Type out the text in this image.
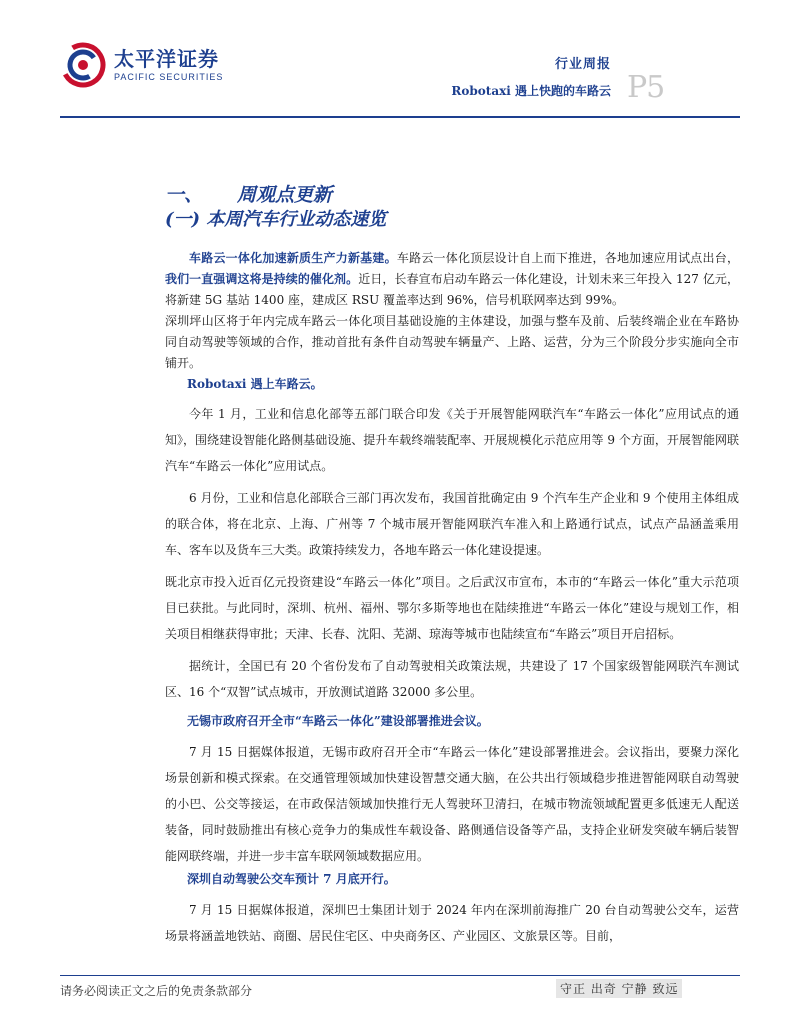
太平洋证券
PACIFIC SECURITIES
行业周报
Robotaxi 遇上快跑的车路云 P5
一、 周观点更新
(一) 本周汽车行业动态速览

车路云一体化加速新质生产力新基建。车路云一体化顶层设计自上而下推进，各地加速应用试点出台，我们一直强调这将是持续的催化剂。近日，长春宣布启动车路云一体化建设，计划未来三年投入 127 亿元，将新建 5G 基站 1400 座，建成区 RSU 覆盖率达到 96%，信号机联网率达到 99%。

深圳坪山区将于年内完成车路云一体化项目基础设施的主体建设，加强与整车及前、后装终端企业在车路协同自动驾驶等领域的合作，推动首批有条件自动驾驶车辆量产、上路、运营，分为三个阶段分步实施向全市铺开。

Robotaxi 遇上车路云。

今年 1 月，工业和信息化部等五部门联合印发《关于开展智能网联汽车“车路云一体化”应用试点的通知》，围绕建设智能化路侧基础设施、提升车载终端装配率、开展规模化示范应用等 9 个方面，开展智能网联汽车“车路云一体化”应用试点。

6 月份，工业和信息化部联合三部门再次发布，我国首批确定由 9 个汽车生产企业和 9 个使用主体组成的联合体，将在北京、上海、广州等 7 个城市展开智能网联汽车准入和上路通行试点，试点产品涵盖乘用车、客车以及货车三大类。政策持续发力，各地车路云一体化建设提速。

既北京市投入近百亿元投资建设“车路云一体化”项目。之后武汉市宣布，本市的“车路云一体化”重大示范项目已获批。与此同时，深圳、杭州、福州、鄂尔多斯等地也在陆续推进“车路云一体化”建设与规划工作，相关项目相继获得审批；天津、长春、沈阳、芜湖、琼海等城市也陆续宣布“车路云”项目开启招标。

据统计，全国已有 20 个省份发布了自动驾驶相关政策法规，共建设了 17 个国家级智能网联汽车测试区、16 个“双智”试点城市，开放测试道路 32000 多公里。

无锡市政府召开全市“车路云一体化”建设部署推进会议。

7 月 15 日据媒体报道，无锡市政府召开全市“车路云一体化”建设部署推进会。会议指出，要聚力深化场景创新和模式探索。在交通管理领域加快建设智慧交通大脑，在公共出行领域稳步推进智能网联自动驾驶的小巴、公交等接运，在市政保洁领域加快推行无人驾驶环卫清扫，在城市物流领域配置更多低速无人配送装备，同时鼓励推出有核心竞争力的集成性车载设备、路侧通信设备等产品，支持企业研发突破车辆后装智能网联终端，并进一步丰富车联网领域数据应用。

深圳自动驾驶公交车预计 7 月底开行。

7 月 15 日据媒体报道，深圳巴士集团计划于 2024 年内在深圳前海推广 20 台自动驾驶公交车，运营场景将涵盖地铁站、商圈、居民住宅区、中央商务区、产业园区、文旅景区等。目前，

请务必阅读正文之后的免责条款部分	守正 出奇 宁静 致远
